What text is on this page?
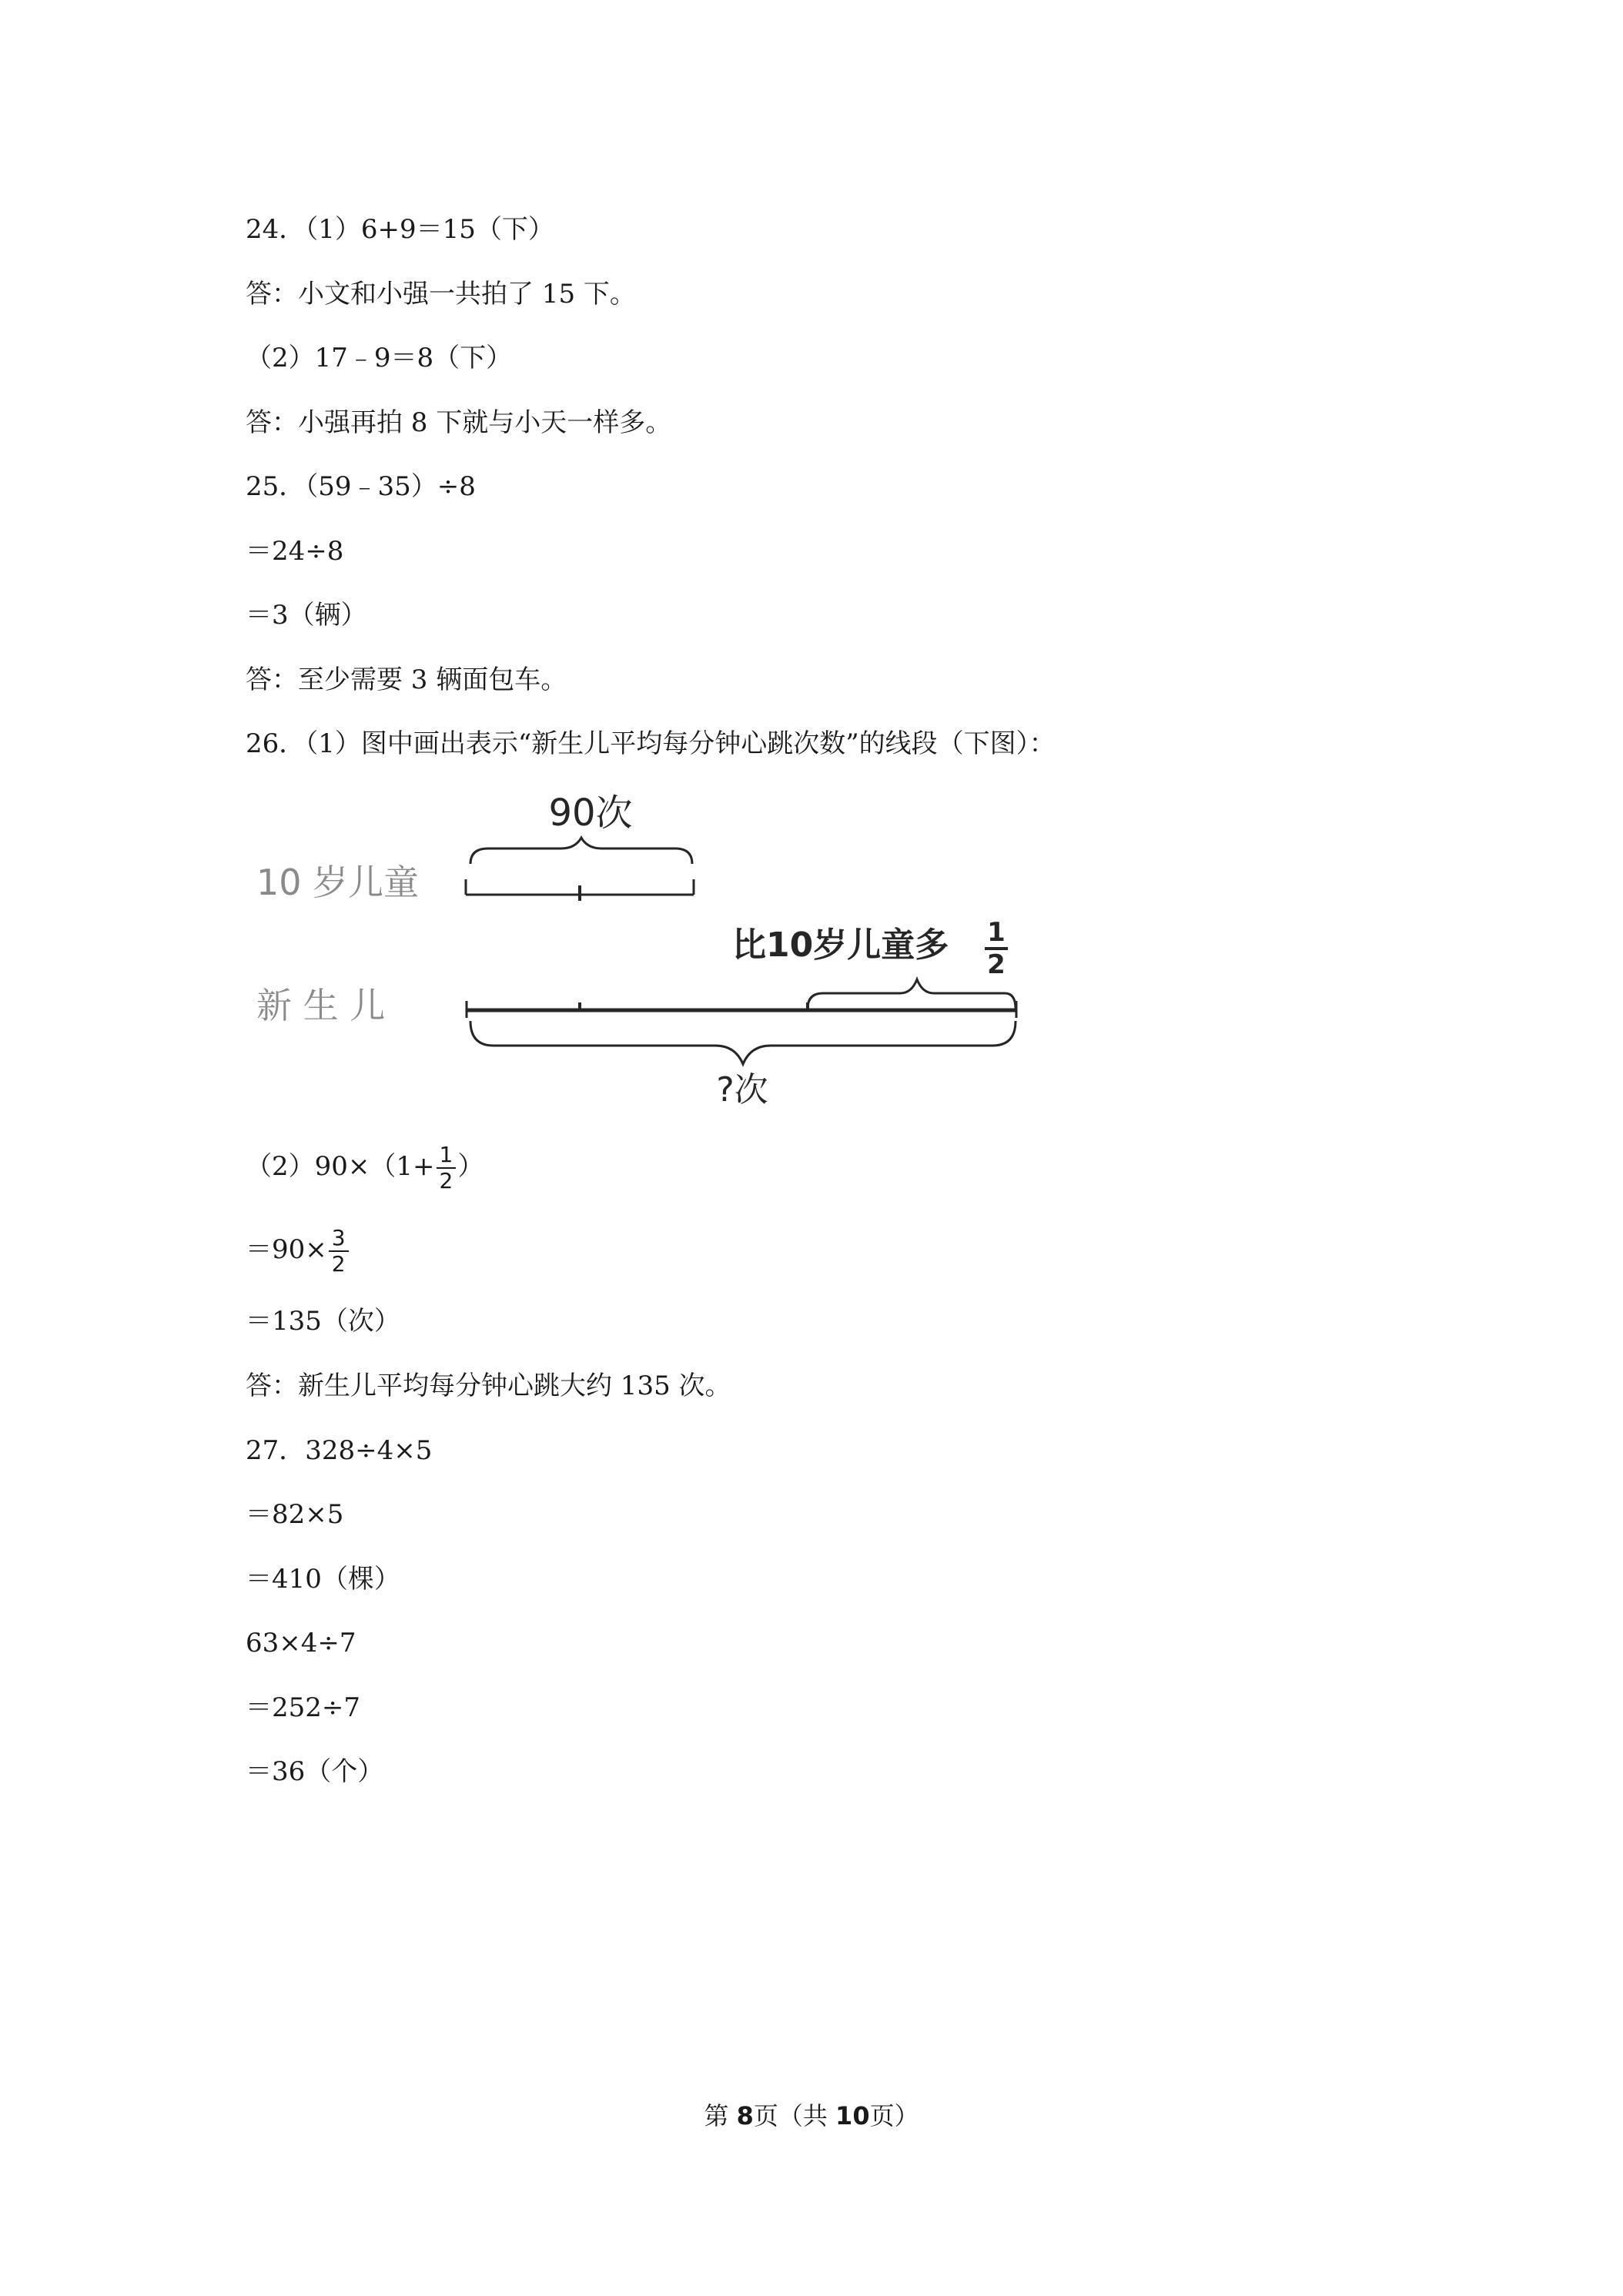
24．（1）6+9＝15（下）
答：小文和小强一共拍了 15 下。
（2）17﹣9＝8（下）
答：小强再拍 8 下就与小天一样多。
25．（59﹣35）÷8
＝24÷8
＝3（辆）
答：至少需要 3 辆面包车。
26．（1）图中画出表示“新生儿平均每分钟心跳次数”的线段（下图）：
90次
10 岁儿童
比10岁儿童多 1
2
新 生 儿
?次
$(2)90\times(1+ \frac{1}{2}$ ）
$=90\times \frac{3}{2}$
＝135（次）
答：新生儿平均每分钟心跳大约 135 次。
27．328÷4×5
＝82×5
＝410（棵）
63×4÷7
＝252÷7
＝36（个）
第 8页（共 10页）
